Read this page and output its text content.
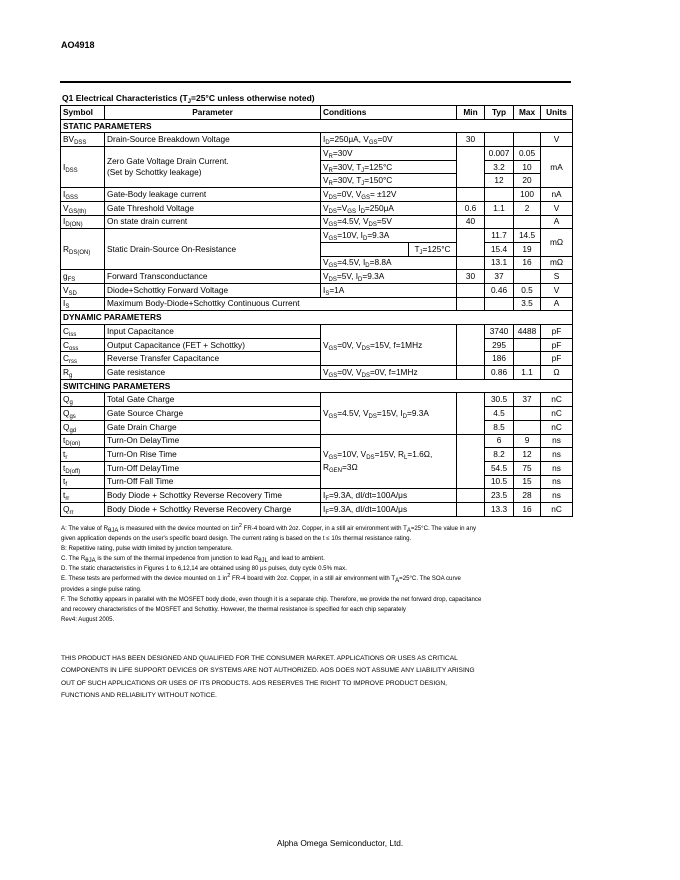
AO4918
Q1 Electrical Characteristics ($T_J=25^\circ C$ unless otherwise noted)
Symbol	Parameter	Conditions		Min	Typ	Max	Units
STATIC PARAMETERS							
$BV_{DSS}$	Drain-Source Breakdown Voltage	$I_D=250\mu A$, $V_{GS}=0V$		30			V
$I_{DSS}$	Zero Gate Voltage Drain Current.
(Set by Schottky leakage)	$V_R=30V$			0.007	0.05	mA
		$V_R=30V$, $T_J=125^\circ C$			3.2	10	
		$V_R=30V$, $T_J=150^\circ C$			12	20	
$I_{GSS}$	Gate-Body leakage current	$V_{DS}=0V$, $V_{GS}= \pm 12V$				100	nA
$V_{GS(th)}$	Gate Threshold Voltage	$V_{DS}=V_{GS}$ $I_D=250\mu A$		0.6	1.1	2	V
$I_{D(ON)}$	On state drain current	$V_{GS}=4.5V$, $V_{DS}=5V$		40			A
$R_{DS(ON)}$	Static Drain-Source On-Resistance	$V_{GS}=10V$, $I_D=9.3A$			11.7	14.5	mΩ
			$T_J=125^\circ C$		15.4	19	
		$V_{GS}=4.5V$, $I_D=8.8A$			13.1	16	mΩ
$g_{FS}$	Forward Transconductance	$V_{DS}=5V$, $I_D=9.3A$		30	37		S
$V_{SD}$	Diode+Schottky Forward Voltage	$I_S=1A$			0.46	0.5	V
$I_S$	Maximum Body-Diode+Schottky Continuous Current					3.5	A
DYNAMIC PARAMETERS							
$C_{iss}$	Input Capacitance	$V_{GS}=0V$, $V_{DS}=15V$, f=1MHz			3740	4488	pF
$C_{oss}$	Output Capacitance (FET + Schottky)				295		pF
$C_{rss}$	Reverse Transfer Capacitance				186		pF
$R_g$	Gate resistance	$V_{GS}=0V$, $V_{DS}=0V$, f=1MHz			0.86	1.1	Ω
SWITCHING PARAMETERS							
$Q_g$	Total Gate Charge	$V_{GS}=4.5V$, $V_{DS}=15V$, $I_D=9.3A$			30.5	37	nC
$Q_{gs}$	Gate Source Charge				4.5		nC
$Q_{gd}$	Gate Drain Charge				8.5		nC
$t_{D(on)}$	Turn-On DelayTime	$V_{GS}=10V$, $V_{DS}=15V$, $R_L=1.6\Omega$,
$R_{GEN}=3\Omega$			6	9	ns
$t_r$	Turn-On Rise Time				8.2	12	ns
$t_{D(off)}$	Turn-Off DelayTime				54.5	75	ns
$t_f$	Turn-Off Fall Time				10.5	15	ns
$t_{rr}$	Body Diode + Schottky Reverse Recovery Time	$I_F=9.3A$, dI/dt=100A/μs			23.5	28	ns
$Q_{rr}$	Body Diode + Schottky Reverse Recovery Charge	$I_F=9.3A$, dI/dt=100A/μs			13.3	16	nC
A: The value of $R_{\theta JA}$ is measured with the device mounted on $1in^2$ FR-4 board with 2oz. Copper, in a still air environment with $T_A=25^\circ C$. The value in any
given application depends on the user's specific board design. The current rating is based on the t ≤ 10s thermal resistance rating.
B: Repetitive rating, pulse width limited by junction temperature.
C. The $R_{\theta JA}$ is the sum of the thermal impedence from junction to lead $R_{\theta JL}$ and lead to ambient.
D. The static characteristics in Figures 1 to 6,12,14 are obtained using 80 μs pulses, duty cycle 0.5% max.
E. These tests are performed with the device mounted on 1 $in^2$ FR-4 board with 2oz. Copper, in a still air environment with $T_A=25^\circ C$. The SOA curve
provides a single pulse rating.
F. The Schottky appears in parallel with the MOSFET body diode, even though it is a separate chip. Therefore, we provide the net forward drop, capacitance
and recovery characteristics of the MOSFET and Schottky. However, the thermal resistance is specified for each chip separately
Rev4: August 2005.
THIS PRODUCT HAS BEEN DESIGNED AND QUALIFIED FOR THE CONSUMER MARKET. APPLICATIONS OR USES AS CRITICAL
COMPONENTS IN LIFE SUPPORT DEVICES OR SYSTEMS ARE NOT AUTHORIZED. AOS DOES NOT ASSUME ANY LIABILITY ARISING
OUT OF SUCH APPLICATIONS OR USES OF ITS PRODUCTS. AOS RESERVES THE RIGHT TO IMPROVE PRODUCT DESIGN,
FUNCTIONS AND RELIABILITY WITHOUT NOTICE.
Alpha Omega Semiconductor, Ltd.
